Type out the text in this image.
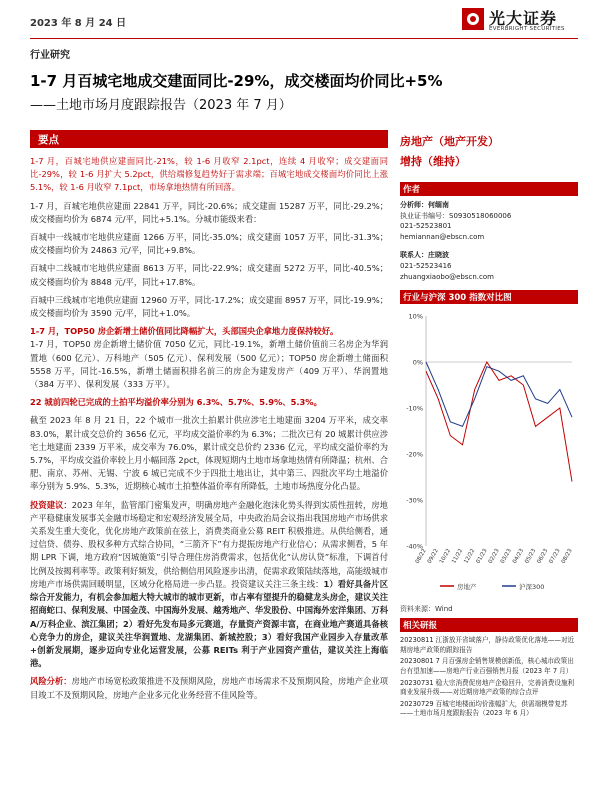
2023 年 8 月 24 日	光大证券
EVERBRIGHT SECURITIES
行业研究
1-7 月百城宅地成交建面同比-29%，成交楼面均价同比+5%
——土地市场月度跟踪报告（2023 年 7 月）
要点

1-7 月，百城宅地供应建面同比-21%，较 1-6 月收窄 2.1pct，连续 4 月收窄；成交建面同比-29%，较 1-6 月扩大 5.2pct，供给端修复趋势好于需求端；百城宅地成交楼面均价同比上涨 5.1%，较 1-6 月收窄 7.1pct，市场拿地热情有所回落。

1-7 月，百城宅地供应建面 22841 万平，同比-20.6%；成交建面 15287 万平，同比-29.2%；成交楼面均价为 6874 元/平，同比+5.1%。分城市能级来看：

百城中一线城市宅地供应建面 1266 万平，同比-35.0%；成交建面 1057 万平，同比-31.3%；成交楼面均价为 24863 元/平，同比+9.8%。

百城中二线城市宅地供应建面 8613 万平，同比-22.9%；成交建面 5272 万平，同比-40.5%；成交楼面均价为 8848 元/平，同比+17.8%。

百城中三线城市宅地供应建面 12960 万平，同比-17.2%；成交建面 8957 万平，同比-19.9%；成交楼面均价为 3590 元/平，同比+1.0%。

1-7 月，TOP50 房企新增土储价值同比降幅扩大，头部国央企拿地力度保持较好。

1-7 月，TOP50 房企新增土储价值 7050 亿元，同比-19.1%，新增土储价值前三名房企为华润置地（600 亿元）、万科地产（505 亿元）、保利发展（500 亿元）；TOP50 房企新增土储面积 5558 万平，同比-16.5%，新增土储面积排名前三的房企为建发房产（409 万平）、华润置地（384 万平）、保利发展（333 万平）。

22 城前四轮已完成的土拍平均溢价率分别为 6.3%、5.7%、5.9%、5.3%。

截至 2023 年 8 月 21 日，22 个城市一批次土拍累计供应涉宅土地建面 3204 万平米，成交率 83.0%，累计成交总价约 3656 亿元，平均成交溢价率约为 6.3%；二批次已有 20 城累计供应涉宅土地建面 2339 万平米，成交率为 76.0%，累计成交总价约 2336 亿元，平均成交溢价率约为 5.7%，平均成交溢价率较上月小幅回落 2pct，体现短期内土地市场拿地热情有所降温；杭州、合肥、南京、苏州、无锡、宁波 6 城已完成不少于四批土地出让，其中第三、四批次平均土地溢价率分别为 5.9%、5.3%，近期核心城市土拍整体溢价率有所降低，土地市场热度分化凸显。

投资建议：2023 年年，监管部门密集发声，明确房地产金融化泡沫化势头得到实质性扭转，房地产平稳健康发展事关金融市场稳定和宏观经济发展全局，中央政治局会议指出我国房地产市场供求关系发生重大变化，优化房地产政策前在弦上，消费类商业公募 REIT 积极推进。从供给侧看，通过信贷、债券、股权多种方式综合协同，“三箭齐下”有力提振房地产行业信心；从需求侧看，5 年期 LPR 下调，地方政府“因城施策”引导合理住房消费需求，包括优化“认房认贷”标准，下调首付比例及按揭利率等。政策利好频发，供给侧信用风险逐步出清，促需求政策陆续落地，高能级城市房地产市场供需回暖明显，区域分化格局进一步凸显。投资建议关注三条主线：1）看好具备片区综合开发能力，有机会参加超大特大城市的城市更新，市占率有望提升的稳健龙头房企，建议关注招商蛇口、保利发展、中国金茂、中国海外发展、越秀地产、华发股份、中国海外宏洋集团、万科 A/万科企业、滨江集团；2）看好先发布局多元赛道，存量资产资源丰富，在商业地产赛道具备核心竞争力的房企，建议关注华润置地、龙湖集团、新城控股；3）看好我国产业园步入存量改革+创新发展期，逐步迈向专业化运营发展，公募 REITs 利于产业园资产重估，建议关注上海临港。

风险分析：房地产市场宽松政策推进不及预期风险，房地产市场需求不及预期风险，房地产企业项目竣工不及预期风险，房地产企业多元化业务经营不佳风险等。

房地产（地产开发）
增持（维持）
作者
分析师：何缅南
执业证书编号：S0930518060006
021-52523801
hemiannan@ebscn.com
联系人：庄晓波
021-52523416
zhuangxiaobo@ebscn.com
行业与沪深 300 指数对比图
10%
0%
-10%
-20%
-30%
-40%
08/22 09/22 10/22 11/22 12/22 01/23 02/23 03/23 04/23 05/23 06/23 07/23 08/23
房地产	沪深300
资料来源：Wind
相关研报
20230811 江浙放开省域落户，静待政策优化落地——对近期房地产政策的跟踪报告
20230801 7 月百强房企销售规模创新低，核心城市政策出台有望加速——房地产行业百强销售月报（2023 年 7 月）
20230731 稳大宗消费促房地产企稳回升，完善消费设施利商业发展升级——对近期房地产政策的综合点评
20230729 百城宅地楼面均价涨幅扩大，供需端模带复苏——土地市场月度跟踪报告（2023 年 6 月）
